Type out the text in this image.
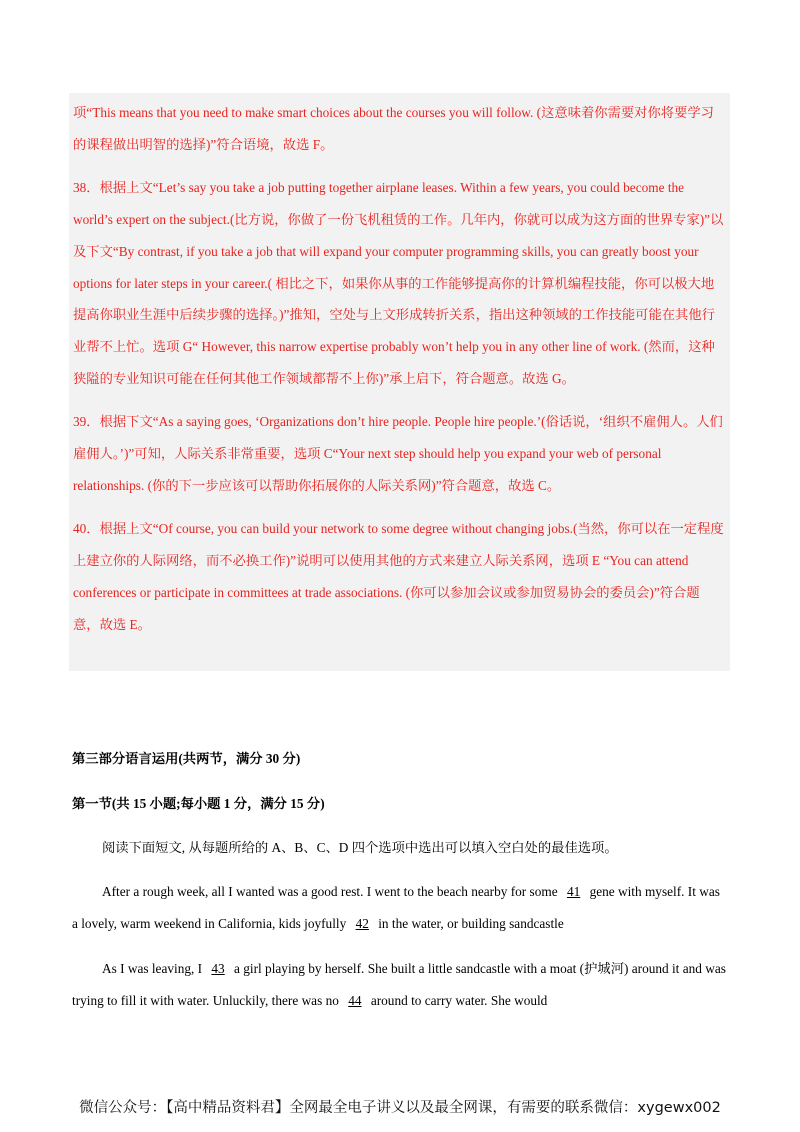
项“This means that you need to make smart choices about the courses you will follow. (这意味着你需要对你将要学习的课程做出明智的选择)”符合语境，故选 F。

38．根据上文“Let’s say you take a job putting together airplane leases. Within a few years, you could become the world’s expert on the subject.(比方说，你做了一份飞机租赁的工作。几年内，你就可以成为这方面的世界专家)”以及下文“By contrast, if you take a job that will expand your computer programming skills, you can greatly boost your options for later steps in your career.( 相比之下，如果你从事的工作能够提高你的计算机编程技能，你可以极大地提高你职业生涯中后续步骤的选择。)”推知，空处与上文形成转折关系，指出这种领域的工作技能可能在其他行业帮不上忙。选项 G“ However, this narrow expertise probably won’t help you in any other line of work. (然而，这种狭隘的专业知识可能在任何其他工作领域都帮不上你)”承上启下，符合题意。故选 G。

39．根据下文“As a saying goes, ‘Organizations don’t hire people. People hire people.’(俗话说，‘组织不雇佣人。人们雇佣人。’)”可知，人际关系非常重要，选项 C“Your next step should help you expand your web of personal relationships. (你的下一步应该可以帮助你拓展你的人际关系网)”符合题意，故选 C。

40．根据上文“Of course, you can build your network to some degree without changing jobs.(当然，你可以在一定程度上建立你的人际网络，而不必换工作)”说明可以使用其他的方式来建立人际关系网，选项 E “You can attend conferences or participate in committees at trade associations. (你可以参加会议或参加贸易协会的委员会)”符合题意，故选 E。

第三部分语言运用(共两节，满分 30 分)
第一节(共 15 小题;每小题 1 分，满分 15 分)
阅读下面短文, 从每题所给的 A、B、C、D 四个选项中选出可以填入空白处的最佳选项。

After a rough week, all I wanted was a good rest. I went to the beach nearby for some 41 gene with myself. It was a lovely, warm weekend in California, kids joyfully 42 in the water, or building sandcastle

As I was leaving, I 43 a girl playing by herself. She built a little sandcastle with a moat (护城河) around it and was trying to fill it with water. Unluckily, there was no 44 around to carry water. She would

微信公众号：【高中精品资料君】全网最全电子讲义以及最全网课，有需要的联系微信：xygewx002
